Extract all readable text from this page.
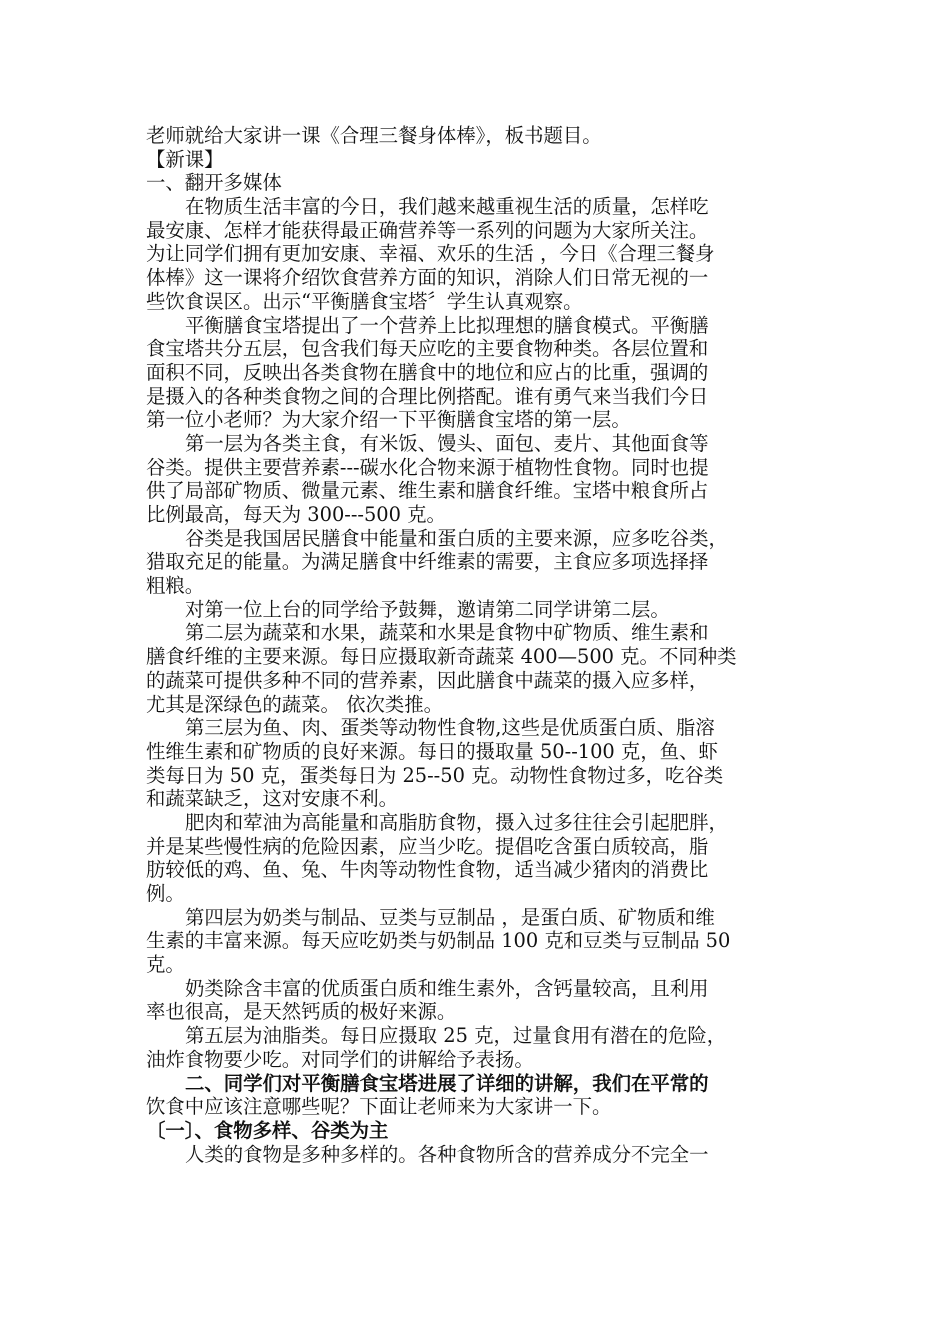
老师就给大家讲一课《合理三餐身体棒》，板书题目。

【新课】

一、翻开多媒体

在物质生活丰富的今日，我们越来越重视生活的质量，怎样吃

最安康、怎样才能获得最正确营养等一系列的问题为大家所关注。

为让同学们拥有更加安康、幸福、欢乐的生活 ，今日《合理三餐身

体棒》这一课将介绍饮食营养方面的知识，消除人们日常无视的一

些饮食误区。出示“平衡膳食宝塔〞学生认真观察。

平衡膳食宝塔提出了一个营养上比拟理想的膳食模式。平衡膳

食宝塔共分五层，包含我们每天应吃的主要食物种类。各层位置和

面积不同，反映出各类食物在膳食中的地位和应占的比重，强调的

是摄入的各种类食物之间的合理比例搭配。谁有勇气来当我们今日

第一位小老师？为大家介绍一下平衡膳食宝塔的第一层。

第一层为各类主食，有米饭、馒头、面包、麦片、其他面食等

谷类。提供主要营养素---碳水化合物来源于植物性食物。同时也提

供了局部矿物质、微量元素、维生素和膳食纤维。宝塔中粮食所占

比例最高，每天为 300---500 克。

谷类是我国居民膳食中能量和蛋白质的主要来源，应多吃谷类，

猎取充足的能量。为满足膳食中纤维素的需要，主食应多项选择择

粗粮。

对第一位上台的同学给予鼓舞，邀请第二同学讲第二层。

第二层为蔬菜和水果，蔬菜和水果是食物中矿物质、维生素和

膳食纤维的主要来源。每日应摄取新奇蔬菜 400—500 克。不同种类

的蔬菜可提供多种不同的营养素，因此膳食中蔬菜的摄入应多样，

尤其是深绿色的蔬菜。 依次类推。

第三层为鱼、肉、蛋类等动物性食物,这些是优质蛋白质、脂溶

性维生素和矿物质的良好来源。每日的摄取量 50--100 克，鱼、虾

类每日为 50 克，蛋类每日为 25--50 克。动物性食物过多，吃谷类

和蔬菜缺乏，这对安康不利。

肥肉和荤油为高能量和高脂肪食物，摄入过多往往会引起肥胖，

并是某些慢性病的危险因素，应当少吃。提倡吃含蛋白质较高，脂

肪较低的鸡、鱼、兔、牛肉等动物性食物，适当减少猪肉的消费比

例。

第四层为奶类与制品、豆类与豆制品 ，是蛋白质、矿物质和维

生素的丰富来源。每天应吃奶类与奶制品 100 克和豆类与豆制品 50

克。

奶类除含丰富的优质蛋白质和维生素外，含钙量较高，且利用

率也很高，是天然钙质的极好来源。

第五层为油脂类。每日应摄取 25 克，过量食用有潜在的危险，

油炸食物要少吃。对同学们的讲解给予表扬。

二、同学们对平衡膳食宝塔进展了详细的讲解，我们在平常的

饮食中应该注意哪些呢？下面让老师来为大家讲一下。

〔一〕、食物多样、谷类为主

人类的食物是多种多样的。各种食物所含的营养成分不完全一
